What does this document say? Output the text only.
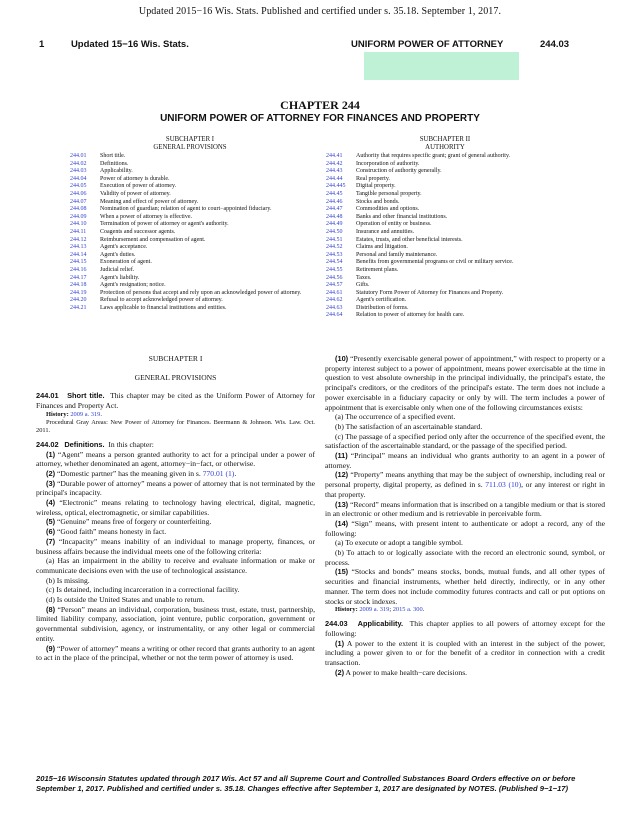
Updated 2015−16 Wis. Stats. Published and certified under s. 35.18. September 1, 2017.
1	Updated 15−16 Wis. Stats.	UNIFORM POWER OF ATTORNEY	244.03
CHAPTER 244
UNIFORM POWER OF ATTORNEY FOR FINANCES AND PROPERTY
SUBCHAPTER I
GENERAL PROVISIONS
SUBCHAPTER II
AUTHORITY
244.01	Short title.
244.02	Definitions.
244.03	Applicability.
244.04	Power of attorney is durable.
244.05	Execution of power of attorney.
244.06	Validity of power of attorney.
244.07	Meaning and effect of power of attorney.
244.08	Nomination of guardian; relation of agent to court−appointed fiduciary.
244.09	When a power of attorney is effective.
244.10	Termination of power of attorney or agent's authority.
244.11	Coagents and successor agents.
244.12	Reimbursement and compensation of agent.
244.13	Agent's acceptance.
244.14	Agent's duties.
244.15	Exoneration of agent.
244.16	Judicial relief.
244.17	Agent's liability.
244.18	Agent's resignation; notice.
244.19	Protection of persons that accept and rely upon an acknowledged power of attorney.
244.20	Refusal to accept acknowledged power of attorney.
244.21	Laws applicable to financial institutions and entities.
244.41	Authority that requires specific grant; grant of general authority.
244.42	Incorporation of authority.
244.43	Construction of authority generally.
244.44	Real property.
244.445	Digital property.
244.45	Tangible personal property.
244.46	Stocks and bonds.
244.47	Commodities and options.
244.48	Banks and other financial institutions.
244.49	Operation of entity or business.
244.50	Insurance and annuities.
244.51	Estates, trusts, and other beneficial interests.
244.52	Claims and litigation.
244.53	Personal and family maintenance.
244.54	Benefits from governmental programs or civil or military service.
244.55	Retirement plans.
244.56	Taxes.
244.57	Gifts.
244.61	Statutory Form Power of Attorney for Finances and Property.
244.62	Agent's certification.
244.63	Distribution of forms.
244.64	Relation to power of attorney for health care.

SUBCHAPTER I

GENERAL PROVISIONS

244.01 Short title. This chapter may be cited as the Uniform Power of Attorney for Finances and Property Act.

History: 2009 a. 319.

Procedural Gray Areas: New Power of Attorney for Finances. Beermann & Johnson. Wis. Law. Oct. 2011.

244.02 Definitions. In this chapter:

(1) “Agent” means a person granted authority to act for a principal under a power of attorney, whether denominated an agent, attorney−in−fact, or otherwise.

(2) “Domestic partner” has the meaning given in s. 770.01 (1).

(3) “Durable power of attorney” means a power of attorney that is not terminated by the principal's incapacity.

(4) “Electronic” means relating to technology having electrical, digital, magnetic, wireless, optical, electromagnetic, or similar capabilities.

(5) “Genuine” means free of forgery or counterfeiting.

(6) “Good faith” means honesty in fact.

(7) “Incapacity” means inability of an individual to manage property, finances, or business affairs because the individual meets one of the following criteria:

(a) Has an impairment in the ability to receive and evaluate information or make or communicate decisions even with the use of technological assistance.

(b) Is missing.

(c) Is detained, including incarceration in a correctional facility.

(d) Is outside the United States and unable to return.

(8) “Person” means an individual, corporation, business trust, estate, trust, partnership, limited liability company, association, joint venture, public corporation, government or governmental subdivision, agency, or instrumentality, or any other legal or commercial entity.

(9) “Power of attorney” means a writing or other record that grants authority to an agent to act in the place of the principal, whether or not the term power of attorney is used.

(10) “Presently exercisable general power of appointment,” with respect to property or a property interest subject to a power of appointment, means power exercisable at the time in question to vest absolute ownership in the principal individually, the principal's estate, the principal's creditors, or the creditors of the principal's estate. The term does not include a power exercisable in a fiduciary capacity or only by will. The term includes a power of appointment that is exercisable only when one of the following circumstances exists:

(a) The occurrence of a specified event.

(b) The satisfaction of an ascertainable standard.

(c) The passage of a specified period only after the occurrence of the specified event, the satisfaction of the ascertainable standard, or the passage of the specified period.

(11) “Principal” means an individual who grants authority to an agent in a power of attorney.

(12) “Property” means anything that may be the subject of ownership, including real or personal property, digital property, as defined in s. 711.03 (10), or any interest or right in that property.

(13) “Record” means information that is inscribed on a tangible medium or that is stored in an electronic or other medium and is retrievable in perceivable form.

(14) “Sign” means, with present intent to authenticate or adopt a record, any of the following:

(a) To execute or adopt a tangible symbol.

(b) To attach to or logically associate with the record an electronic sound, symbol, or process.

(15) “Stocks and bonds” means stocks, bonds, mutual funds, and all other types of securities and financial instruments, whether held directly, indirectly, or in any other manner. The term does not include commodity futures contracts and call or put options on stocks or stock indexes.

History: 2009 a. 319; 2015 a. 300.

244.03 Applicability. This chapter applies to all powers of attorney except for the following:

(1) A power to the extent it is coupled with an interest in the subject of the power, including a power given to or for the benefit of a creditor in connection with a credit transaction.

(2) A power to make health−care decisions.

2015−16 Wisconsin Statutes updated through 2017 Wis. Act 57 and all Supreme Court and Controlled Substances Board Orders effective on or before September 1, 2017. Published and certified under s. 35.18. Changes effective after September 1, 2017 are designated by NOTES. (Published 9−1−17)
